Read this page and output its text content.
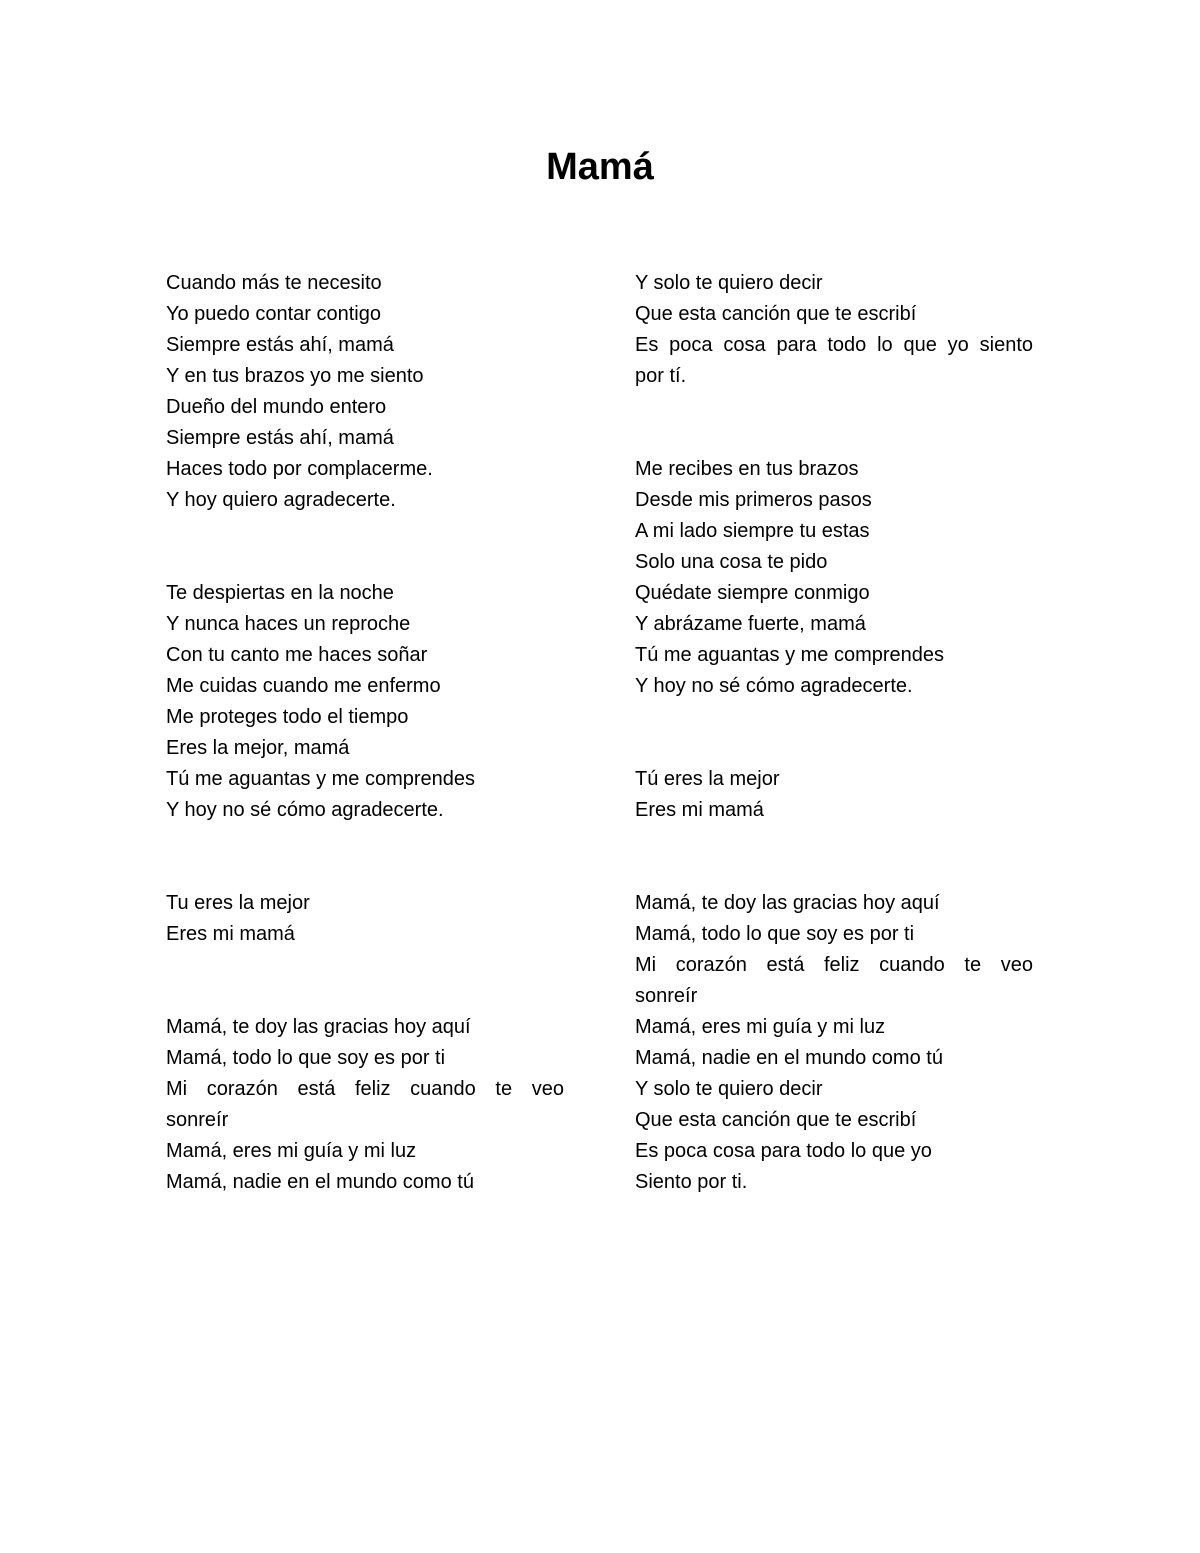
Mamá
Cuando más te necesito
Yo puedo contar contigo
Siempre estás ahí, mamá
Y en tus brazos yo me siento
Dueño del mundo entero
Siempre estás ahí, mamá
Haces todo por complacerme.
Y hoy quiero agradecerte.
Te despiertas en la noche
Y nunca haces un reproche
Con tu canto me haces soñar
Me cuidas cuando me enfermo
Me proteges todo el tiempo
Eres la mejor, mamá
Tú me aguantas y me comprendes
Y hoy no sé cómo agradecerte.
Tu eres la mejor
Eres mi mamá
Mamá, te doy las gracias hoy aquí
Mamá, todo lo que soy es por ti
Mi corazón está feliz cuando te veo
sonreír
Mamá, eres mi guía y mi luz
Mamá, nadie en el mundo como tú
Y solo te quiero decir
Que esta canción que te escribí
Es poca cosa para todo lo que yo siento
por tí.
Me recibes en tus brazos
Desde mis primeros pasos
A mi lado siempre tu estas
Solo una cosa te pido
Quédate siempre conmigo
Y abrázame fuerte, mamá
Tú me aguantas y me comprendes
Y hoy no sé cómo agradecerte.
Tú eres la mejor
Eres mi mamá
Mamá, te doy las gracias hoy aquí
Mamá, todo lo que soy es por ti
Mi corazón está feliz cuando te veo
sonreír
Mamá, eres mi guía y mi luz
Mamá, nadie en el mundo como tú
Y solo te quiero decir
Que esta canción que te escribí
Es poca cosa para todo lo que yo
Siento por ti.
